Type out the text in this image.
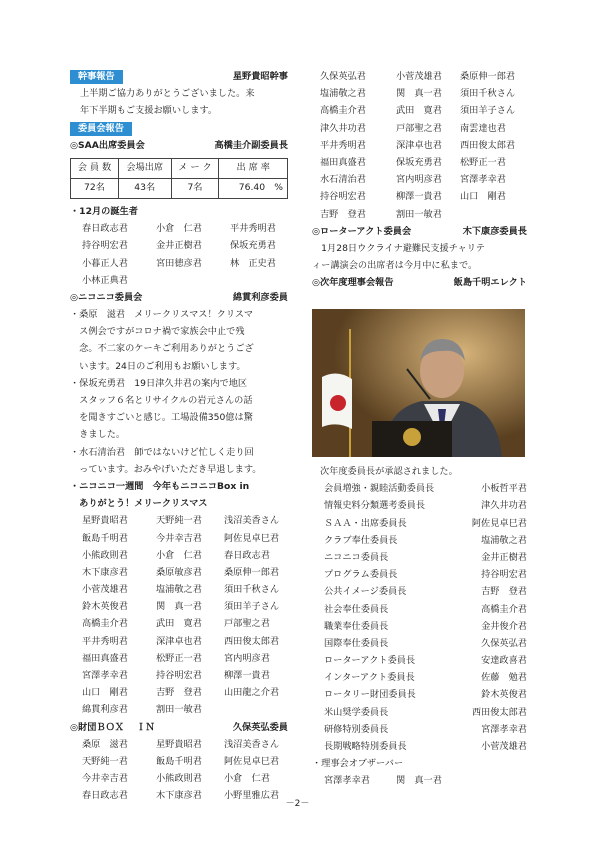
幹事報告	星野貴昭幹事
上半期ご協力ありがとうございました。来
年下半期もご支援お願いします。
委員会報告
◎SAA出席委員会	高橋圭介副委員長
会 員 数	会場出席	メ ー ク	出 席 率
72名	43名	7名	76.40　%
・12月の誕生者
春日政志君	小倉　仁君	平井秀明君
持谷明宏君	金井正樹君	保坂充勇君
小暮正人君	宮田徳彦君	林　正史君
小林正典君
◎ニコニコ委員会	綿貫利彦委員
・桑原　滋君　メリークリスマス！クリスマ
　ス例会ですがコロナ禍で家族会中止で残
　念。不二家のケーキご利用ありがとうござ
　います。24日のご利用もお願いします。
・保坂充勇君　19日津久井君の案内で地区
　スタッフ６名とリサイクルの岩元さんの話
　を聞きすごいと感じ。工場設備350億は驚
　きました。
・水石清治君　師ではないけど忙しく走り回
　っています。おみやげいただき早退します。
・ニコニコ一週間　今年もニコニコBox in
　ありがとう！メリークリスマス
星野貴昭君	天野純一君 浅沼美香さん
飯島千明君	今井幸吉君 阿佐見卓巳君
小熊政則君	小倉　仁君 春日政志君
木下康彦君	桑原敏彦君 桑原伸一郎君
小菅茂雄君	塩浦敬之君 須田千秋さん
鈴木英俊君	関　真一君 須田羊子さん
高橋圭介君	武田　寛君 戸部聖之君
平井秀明君	深津卓也君 西田俊太郎君
福田真盛君	松野正一君 宮内明彦君
宮澤孝幸君	持谷明宏君 柳澤一貴君
山口　剛君	吉野　登君 山田龍之介君
綿貫利彦君	割田一敏君
◎財団ＢＯＸ　 ＩＮ	久保英弘委員
桑原　滋君	星野貴昭君 浅沼美香さん
天野純一君	飯島千明君 阿佐見卓巳君
今井幸吉君	小熊政則君 小倉　仁君
春日政志君	木下康彦君 小野里雅広君
久保英弘君	小菅茂雄君 桑原伸一郎君
塩浦敬之君	関　真一君 須田千秋さん
高橋圭介君	武田　寛君 須田羊子さん
津久井功君	戸部聖之君 南雲達也君
平井秀明君	深津卓也君 西田俊太郎君
福田真盛君	保坂充勇君 松野正一君
水石清治君	宮内明彦君 宮澤孝幸君
持谷明宏君	柳澤一貴君 山口　剛君
吉野　登君	割田一敏君
◎ローターアクト委員会	木下康彦委員長
　1月28日ウクライナ避難民支援チャリテ
ィー講演会の出席者は今月中に私まで。
◎次年度理事会報告	飯島千明エレクト
次年度委員長が承認されました。
会員増強・親睦活動委員長	小板哲平君
情報史料分類選考委員長	津久井功君
ＳＡＡ・出席委員長	阿佐見卓巳君
クラブ奉仕委員長	塩浦敬之君
ニコニコ委員長	金井正樹君
プログラム委員長	持谷明宏君
公共イメージ委員長	吉野　登君
社会奉仕委員長	高橋圭介君
職業奉仕委員長	金井俊介君
国際奉仕委員長	久保英弘君
ローターアクト委員長	安達政喜君
インターアクト委員長	佐藤　勉君
ロータリー財団委員長	鈴木英俊君
米山奨学委員長	西田俊太郎君
研修特別委員長	宮澤孝幸君
長期戦略特別委員長	小菅茂雄君
・理事会オブザーバー
宮澤孝幸君	関　真一君
－2－
